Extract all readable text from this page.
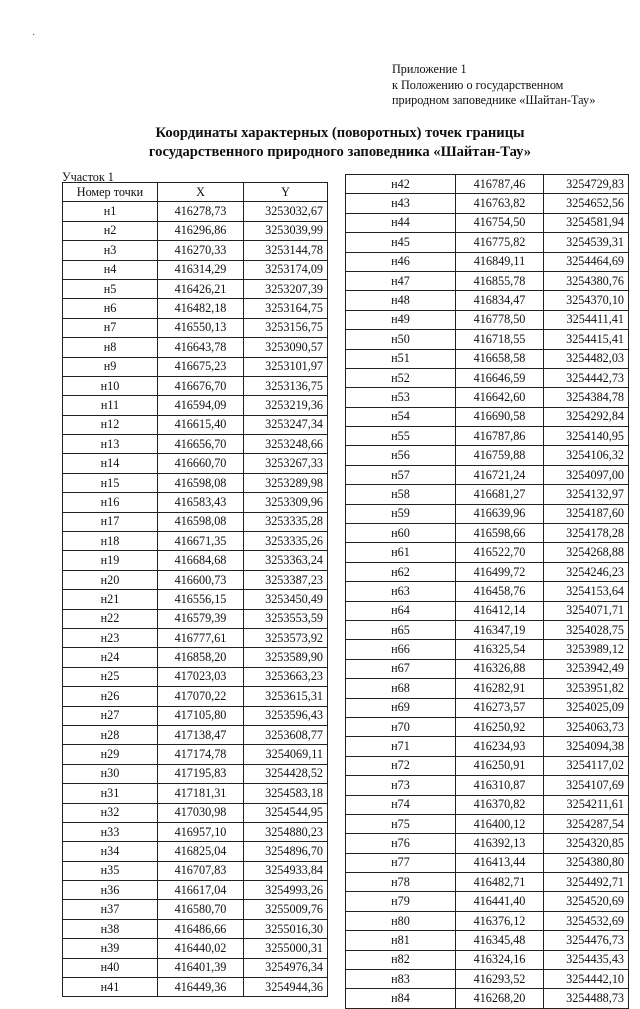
·
Приложение 1
к Положению о государственном
природном заповеднике «Шайтан-Тау»
Координаты характерных (поворотных) точек границы
государственного природного заповедника «Шайтан-Тау»
Участок 1
Номер точки	X	Y
н1	416278,73	3253032,67
н2	416296,86	3253039,99
н3	416270,33	3253144,78
н4	416314,29	3253174,09
н5	416426,21	3253207,39
н6	416482,18	3253164,75
н7	416550,13	3253156,75
н8	416643,78	3253090,57
н9	416675,23	3253101,97
н10	416676,70	3253136,75
н11	416594,09	3253219,36
н12	416615,40	3253247,34
н13	416656,70	3253248,66
н14	416660,70	3253267,33
н15	416598,08	3253289,98
н16	416583,43	3253309,96
н17	416598,08	3253335,28
н18	416671,35	3253335,26
н19	416684,68	3253363,24
н20	416600,73	3253387,23
н21	416556,15	3253450,49
н22	416579,39	3253553,59
н23	416777,61	3253573,92
н24	416858,20	3253589,90
н25	417023,03	3253663,23
н26	417070,22	3253615,31
н27	417105,80	3253596,43
н28	417138,47	3253608,77
н29	417174,78	3254069,11
н30	417195,83	3254428,52
н31	417181,31	3254583,18
н32	417030,98	3254544,95
н33	416957,10	3254880,23
н34	416825,04	3254896,70
н35	416707,83	3254933,84
н36	416617,04	3254993,26
н37	416580,70	3255009,76
н38	416486,66	3255016,30
н39	416440,02	3255000,31
н40	416401,39	3254976,34
н41	416449,36	3254944,36
н42	416787,46	3254729,83
н43	416763,82	3254652,56
н44	416754,50	3254581,94
н45	416775,82	3254539,31
н46	416849,11	3254464,69
н47	416855,78	3254380,76
н48	416834,47	3254370,10
н49	416778,50	3254411,41
н50	416718,55	3254415,41
н51	416658,58	3254482,03
н52	416646,59	3254442,73
н53	416642,60	3254384,78
н54	416690,58	3254292,84
н55	416787,86	3254140,95
н56	416759,88	3254106,32
н57	416721,24	3254097,00
н58	416681,27	3254132,97
н59	416639,96	3254187,60
н60	416598,66	3254178,28
н61	416522,70	3254268,88
н62	416499,72	3254246,23
н63	416458,76	3254153,64
н64	416412,14	3254071,71
н65	416347,19	3254028,75
н66	416325,54	3253989,12
н67	416326,88	3253942,49
н68	416282,91	3253951,82
н69	416273,57	3254025,09
н70	416250,92	3254063,73
н71	416234,93	3254094,38
н72	416250,91	3254117,02
н73	416310,87	3254107,69
н74	416370,82	3254211,61
н75	416400,12	3254287,54
н76	416392,13	3254320,85
н77	416413,44	3254380,80
н78	416482,71	3254492,71
н79	416441,40	3254520,69
н80	416376,12	3254532,69
н81	416345,48	3254476,73
н82	416324,16	3254435,43
н83	416293,52	3254442,10
н84	416268,20	3254488,73
